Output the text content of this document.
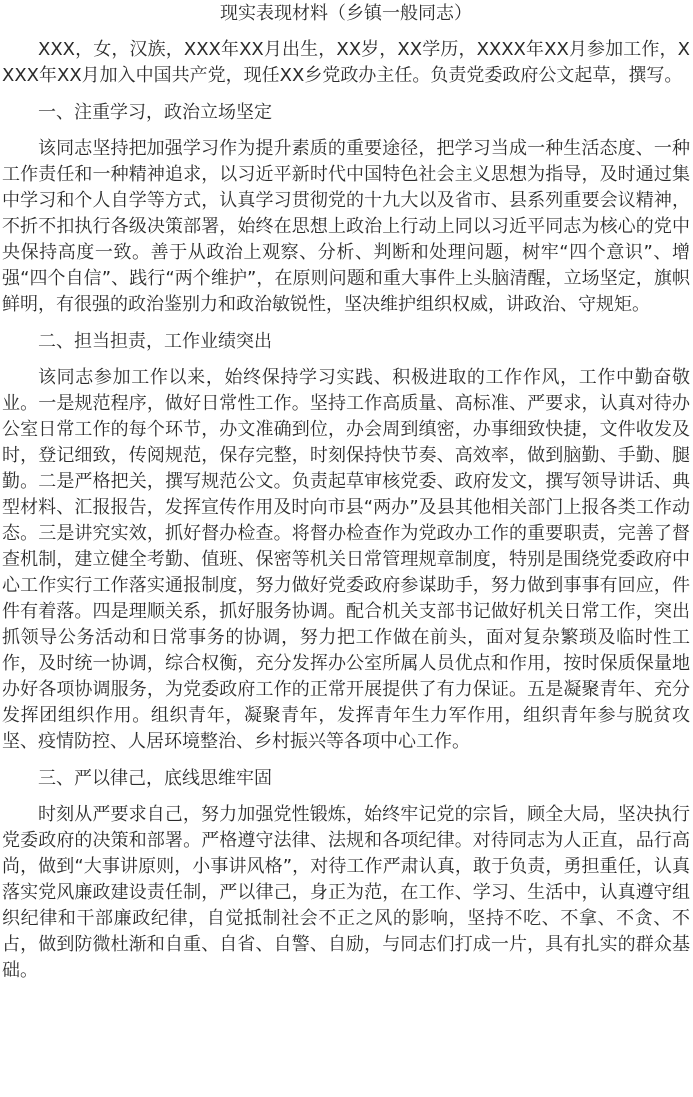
现实表现材料（乡镇一般同志）

XXX，女，汉族，XXX年XX月出生，XX岁，XX学历，XXXX年XX月参加工作，XXXX年XX月加入中国共产党，现任XX乡党政办主任。负责党委政府公文起草，撰写。

一、注重学习，政治立场坚定

该同志坚持把加强学习作为提升素质的重要途径，把学习当成一种生活态度、一种工作责任和一种精神追求，以习近平新时代中国特色社会主义思想为指导，及时通过集中学习和个人自学等方式，认真学习贯彻党的十九大以及省市、县系列重要会议精神，不折不扣执行各级决策部署，始终在思想上政治上行动上同以习近平同志为核心的党中央保持高度一致。善于从政治上观察、分析、判断和处理问题，树牢“四个意识”、增强“四个自信”、践行“两个维护”，在原则问题和重大事件上头脑清醒，立场坚定，旗帜鲜明，有很强的政治鉴别力和政治敏锐性，坚决维护组织权威，讲政治、守规矩。

二、担当担责，工作业绩突出

该同志参加工作以来，始终保持学习实践、积极进取的工作作风，工作中勤奋敬业。一是规范程序，做好日常性工作。坚持工作高质量、高标准、严要求，认真对待办公室日常工作的每个环节，办文准确到位，办会周到缜密，办事细致快捷，文件收发及时，登记细致，传阅规范，保存完整，时刻保持快节奏、高效率，做到脑勤、手勤、腿勤。二是严格把关，撰写规范公文。负责起草审核党委、政府发文，撰写领导讲话、典型材料、汇报报告，发挥宣传作用及时向市县“两办”及县其他相关部门上报各类工作动态。三是讲究实效，抓好督办检查。将督办检查作为党政办工作的重要职责，完善了督查机制，建立健全考勤、值班、保密等机关日常管理规章制度，特别是围绕党委政府中心工作实行工作落实通报制度，努力做好党委政府参谋助手，努力做到事事有回应，件件有着落。四是理顺关系，抓好服务协调。配合机关支部书记做好机关日常工作，突出抓领导公务活动和日常事务的协调，努力把工作做在前头，面对复杂繁琐及临时性工作，及时统一协调，综合权衡，充分发挥办公室所属人员优点和作用，按时保质保量地办好各项协调服务，为党委政府工作的正常开展提供了有力保证。五是凝聚青年、充分发挥团组织作用。组织青年，凝聚青年，发挥青年生力军作用，组织青年参与脱贫攻坚、疫情防控、人居环境整治、乡村振兴等各项中心工作。

三、严以律己，底线思维牢固

时刻从严要求自己，努力加强党性锻炼，始终牢记党的宗旨，顾全大局，坚决执行党委政府的决策和部署。严格遵守法律、法规和各项纪律。对待同志为人正直，品行高尚，做到“大事讲原则，小事讲风格”，对待工作严肃认真，敢于负责，勇担重任，认真落实党风廉政建设责任制，严以律己，身正为范，在工作、学习、生活中，认真遵守组织纪律和干部廉政纪律，自觉抵制社会不正之风的影响，坚持不吃、不拿、不贪、不占，做到防微杜渐和自重、自省、自警、自励，与同志们打成一片，具有扎实的群众基础。
